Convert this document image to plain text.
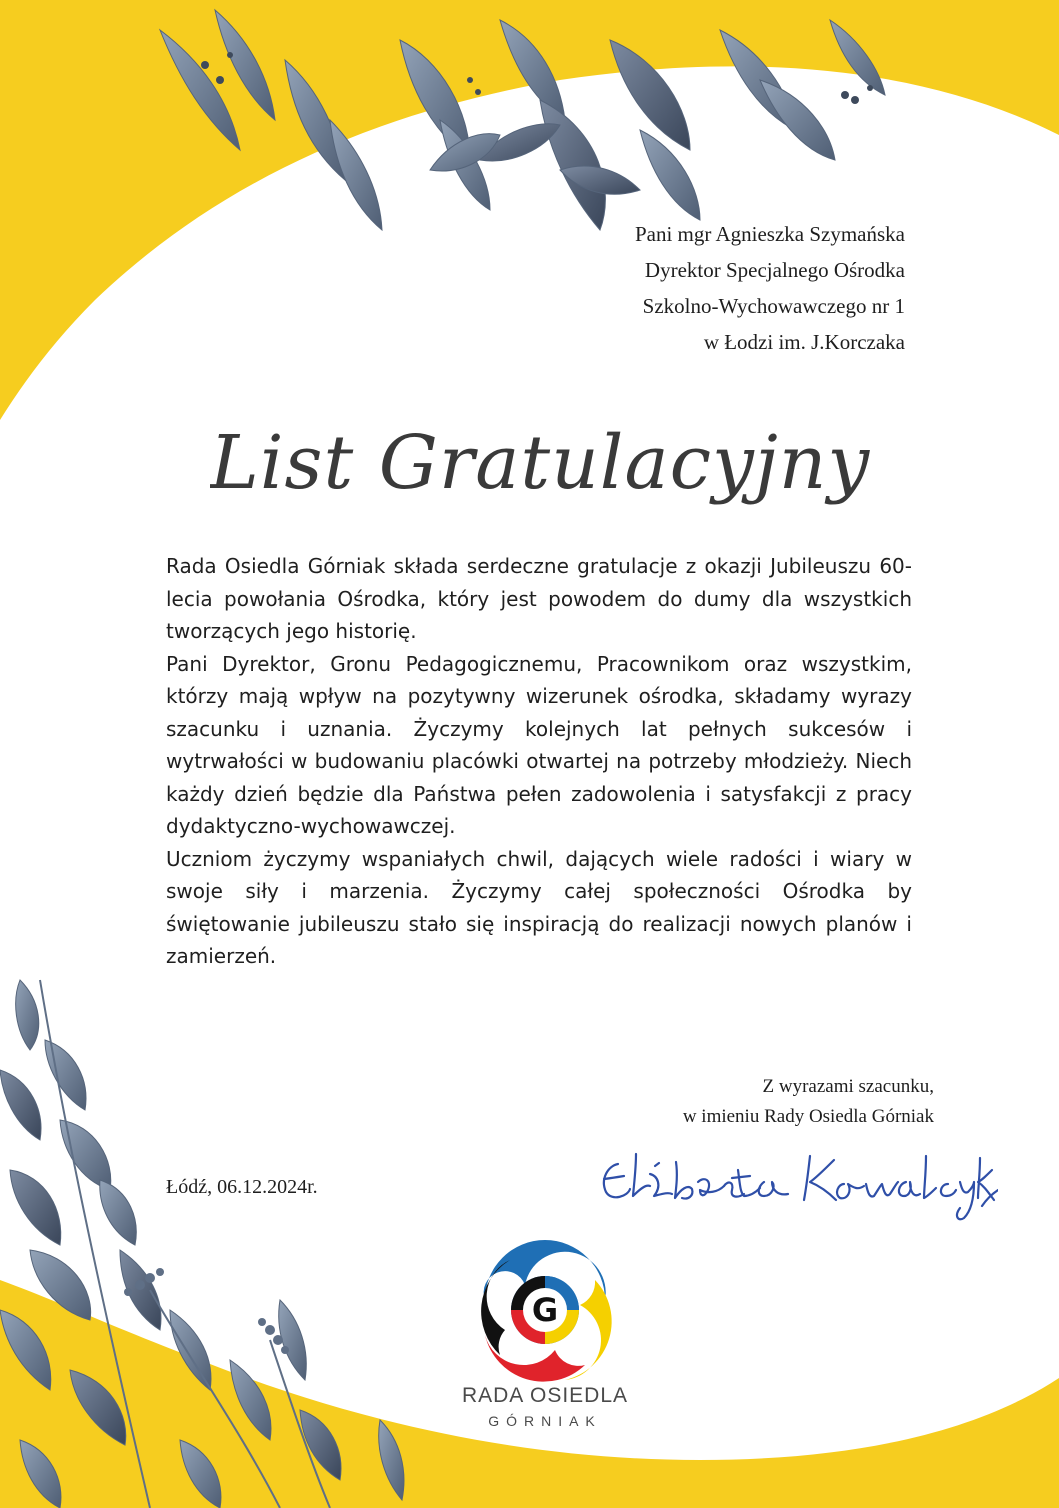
Pani mgr Agnieszka Szymańska
Dyrektor Specjalnego Ośrodka
Szkolno-Wychowawczego nr 1
w Łodzi im. J.Korczaka
List Gratulacyjny

Rada Osiedla Górniak składa serdeczne gratulacje z okazji Jubileuszu 60-lecia powołania Ośrodka, który jest powodem do dumy dla wszystkich tworzących jego historię.

Pani Dyrektor, Gronu Pedagogicznemu, Pracownikom oraz wszystkim, którzy mają wpływ na pozytywny wizerunek ośrodka, składamy wyrazy szacunku i uznania. Życzymy kolejnych lat pełnych sukcesów i wytrwałości w budowaniu placówki otwartej na potrzeby młodzieży. Niech każdy dzień będzie dla Państwa pełen zadowolenia i satysfakcji z pracy dydaktyczno-wychowawczej.

Uczniom życzymy wspaniałych chwil, dających wiele radości i wiary w swoje siły i marzenia. Życzymy całej społeczności Ośrodka by świętowanie jubileuszu stało się inspiracją do realizacji nowych planów i zamierzeń.

Z wyrazami szacunku,
w imieniu Rady Osiedla Górniak
Elżbieta Kowalczyk
Łódź, 06.12.2024r.
G
RADA OSIEDLA
GÓRNIAK
